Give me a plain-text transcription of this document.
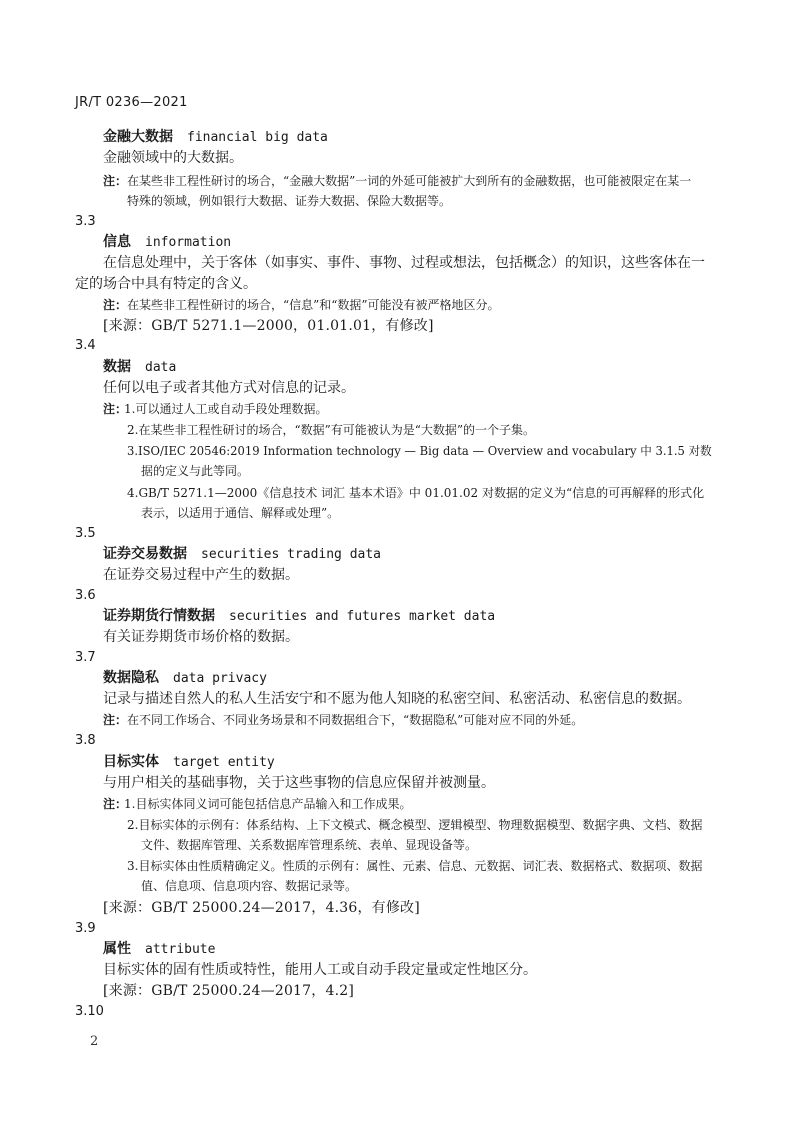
JR/T 0236—2021
金融大数据 financial big data
金融领域中的大数据。
注： 在某些非工程性研讨的场合，“金融大数据”一词的外延可能被扩大到所有的金融数据，也可能被限定在某一
特殊的领域，例如银行大数据、证券大数据、保险大数据等。
3.3
信息 information
在信息处理中，关于客体（如事实、事件、事物、过程或想法，包括概念）的知识，这些客体在一
定的场合中具有特定的含义。
注： 在某些非工程性研讨的场合，“信息”和“数据”可能没有被严格地区分。
[来源：GB/T 5271.1—2000，01.01.01，有修改]
3.4
数据 data
任何以电子或者其他方式对信息的记录。
注：
1.可以通过人工或自动手段处理数据。
2.在某些非工程性研讨的场合，“数据”有可能被认为是“大数据”的一个子集。
3.ISO/IEC 20546:2019 Information technology — Big data — Overview and vocabulary 中 3.1.5 对数
据的定义与此等同。
4.GB/T 5271.1—2000《信息技术 词汇 基本术语》中 01.01.02 对数据的定义为“信息的可再解释的形式化
表示，以适用于通信、解释或处理”。
3.5
证券交易数据 securities trading data
在证券交易过程中产生的数据。
3.6
证券期货行情数据 securities and futures market data
有关证券期货市场价格的数据。
3.7
数据隐私 data privacy
记录与描述自然人的私人生活安宁和不愿为他人知晓的私密空间、私密活动、私密信息的数据。
注： 在不同工作场合、不同业务场景和不同数据组合下，“数据隐私”可能对应不同的外延。
3.8
目标实体 target entity
与用户相关的基础事物，关于这些事物的信息应保留并被测量。
注：
1.目标实体同义词可能包括信息产品输入和工作成果。
2.目标实体的示例有：体系结构、上下文模式、概念模型、逻辑模型、物理数据模型、数据字典、文档、数据
文件、数据库管理、关系数据库管理系统、表单、显现设备等。
3.目标实体由性质精确定义。性质的示例有：属性、元素、信息、元数据、词汇表、数据格式、数据项、数据
值、信息项、信息项内容、数据记录等。
[来源：GB/T 25000.24—2017，4.36，有修改]
3.9
属性 attribute
目标实体的固有性质或特性，能用人工或自动手段定量或定性地区分。
[来源：GB/T 25000.24—2017，4.2]
3.10
2
